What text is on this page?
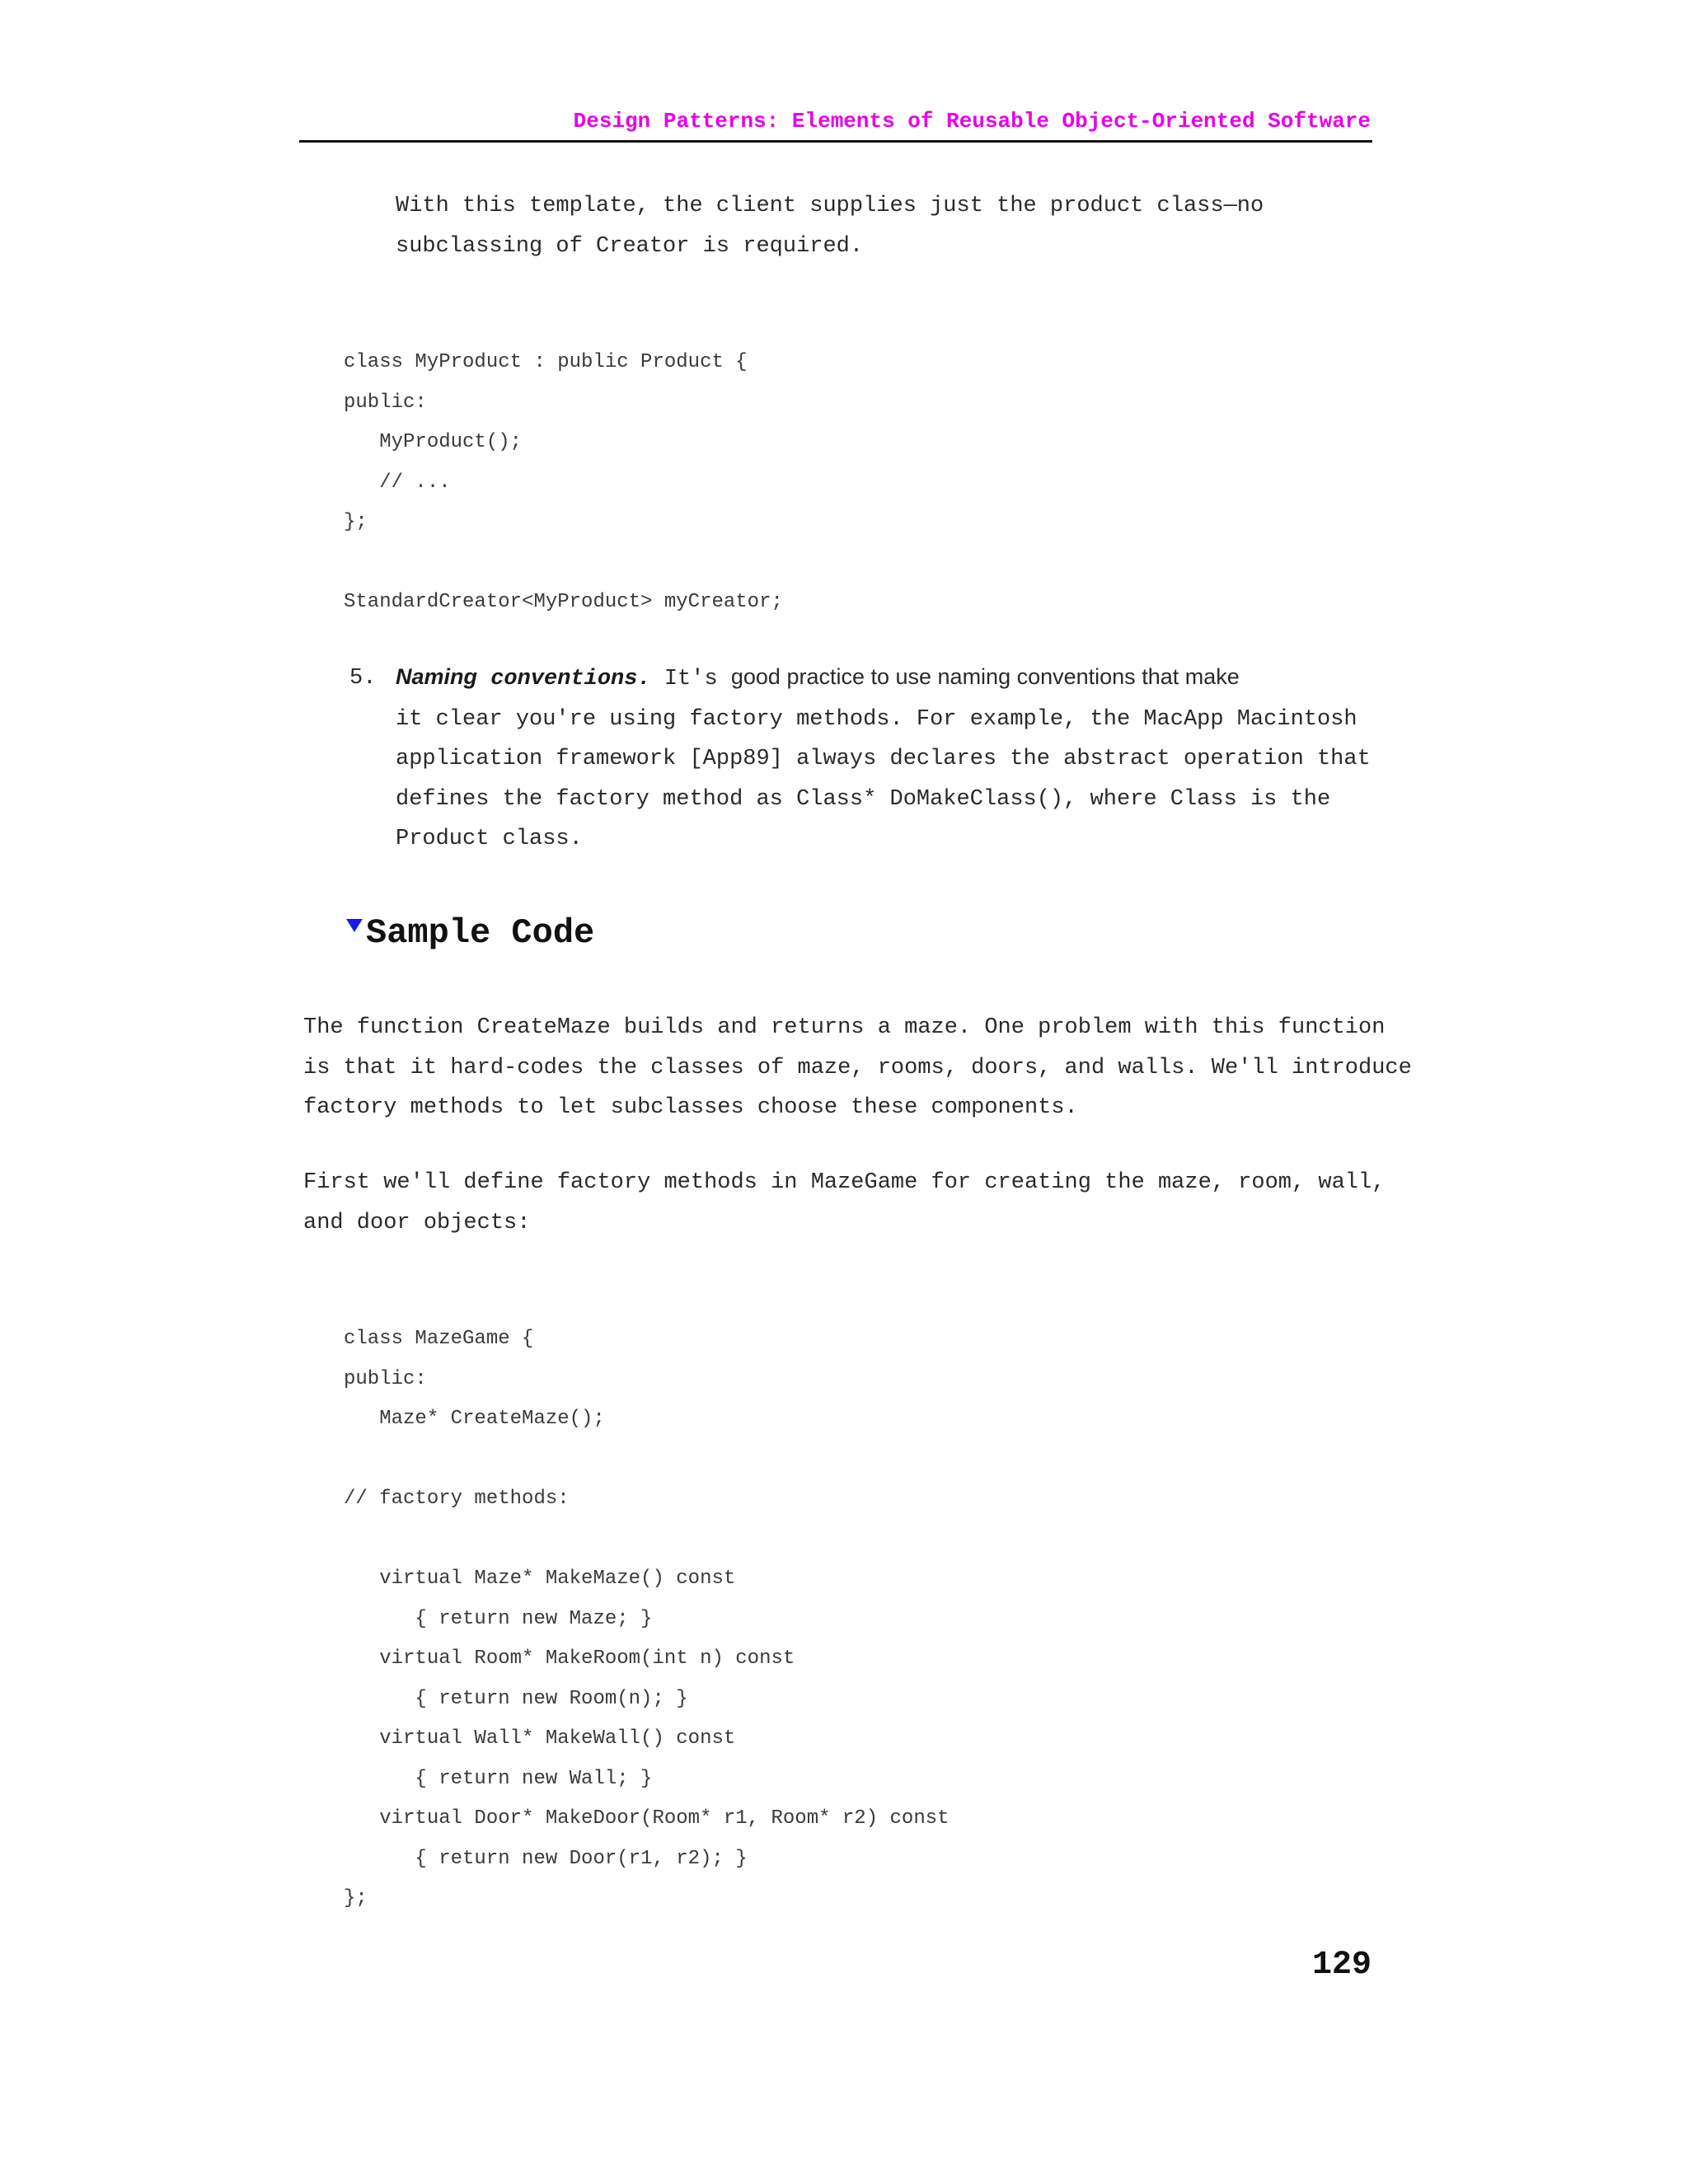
Design Patterns: Elements of Reusable Object-Oriented Software
With this template, the client supplies just the product class—no
subclassing of Creator is required.
class MyProduct : public Product {
public:
MyProduct();
// ...
};

StandardCreator<MyProduct> myCreator;
5. Naming conventions. It's good practice to use naming conventions that make
it clear you're using factory methods. For example, the MacApp Macintosh
application framework [App89] always declares the abstract operation that
defines the factory method as Class* DoMakeClass(), where Class is the
Product class.
Sample Code
The function CreateMaze builds and returns a maze. One problem with this function
is that it hard-codes the classes of maze, rooms, doors, and walls. We'll introduce
factory methods to let subclasses choose these components.
First we'll define factory methods in MazeGame for creating the maze, room, wall,
and door objects:
class MazeGame {
public:
Maze* CreateMaze();

// factory methods:

virtual Maze* MakeMaze() const
{ return new Maze; }
virtual Room* MakeRoom(int n) const
{ return new Room(n); }
virtual Wall* MakeWall() const
{ return new Wall; }
virtual Door* MakeDoor(Room* r1, Room* r2) const
{ return new Door(r1, r2); }
};
129
